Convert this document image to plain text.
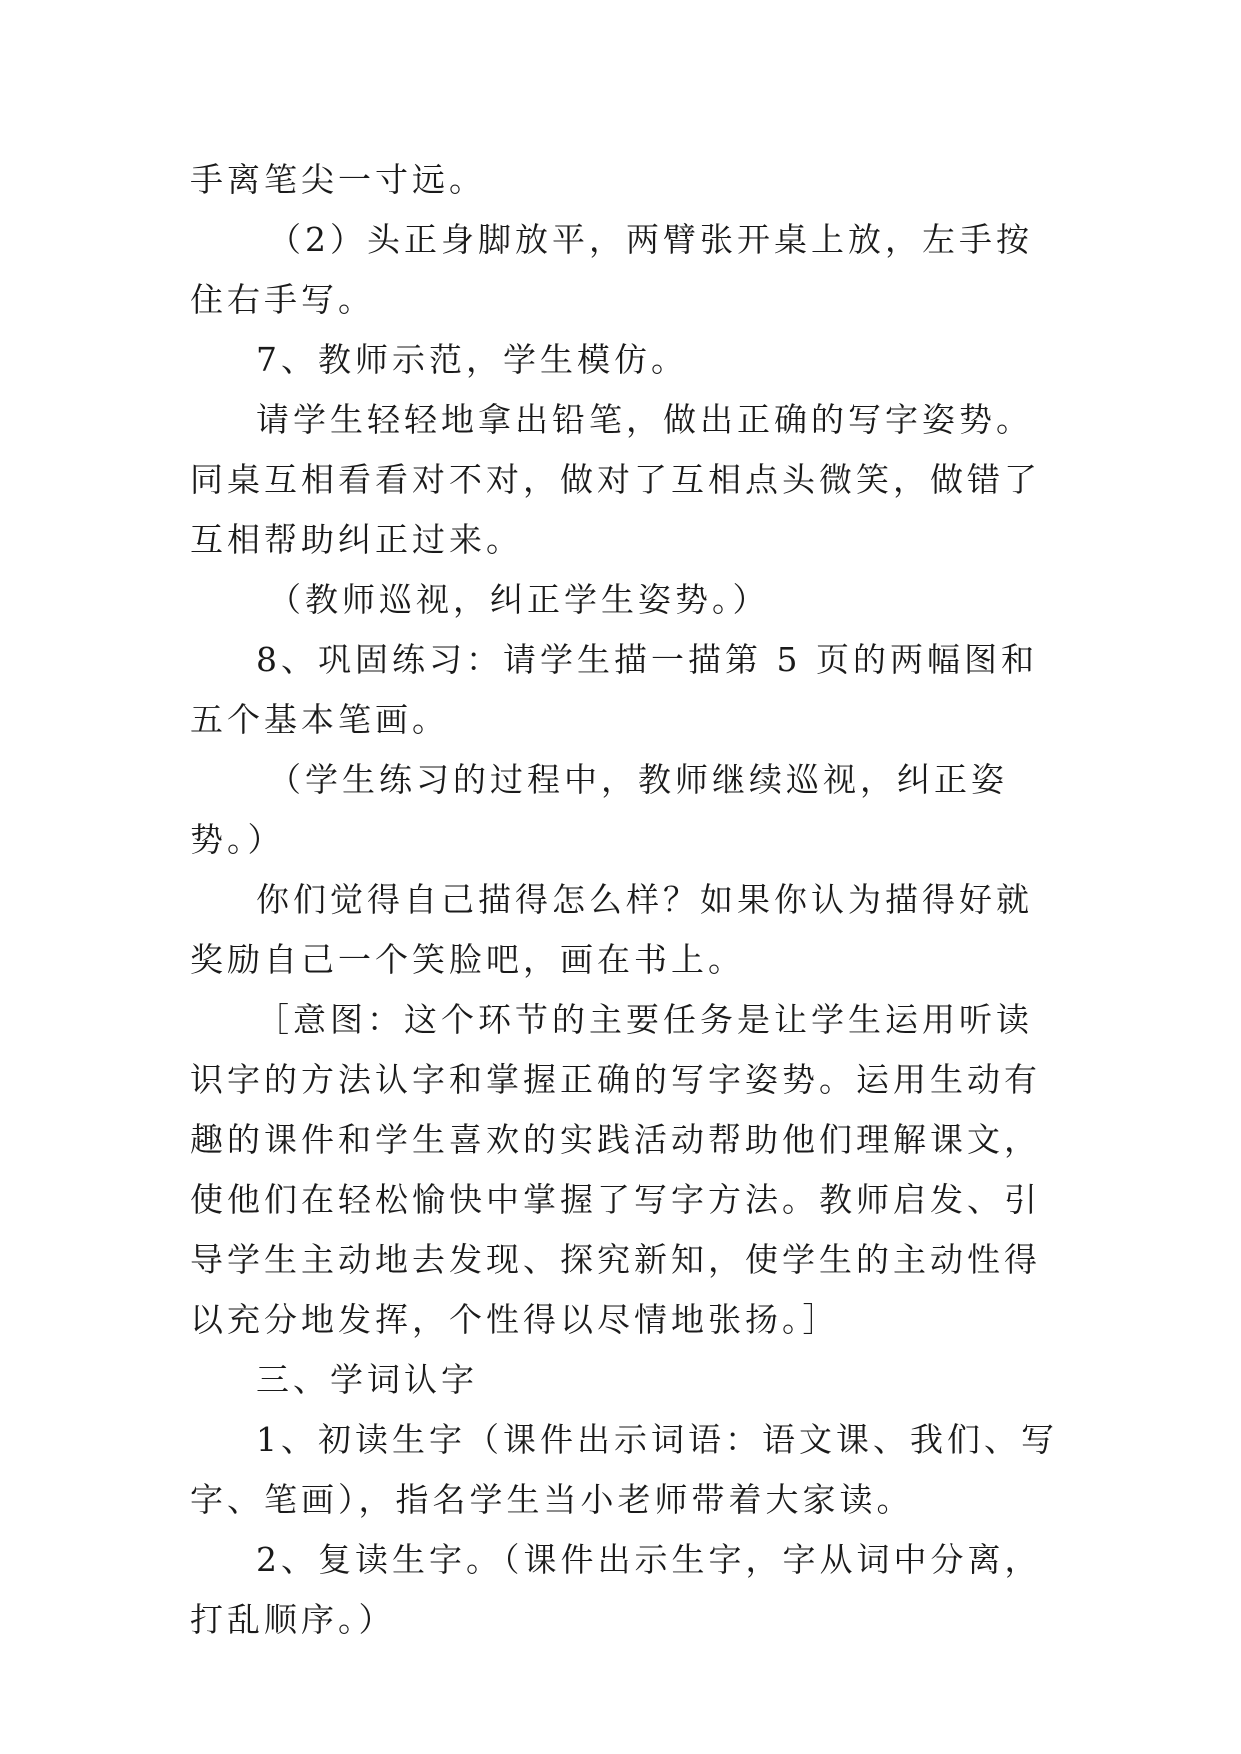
手离笔尖一寸远。

（2）头正身脚放平，两臂张开桌上放，左手按住右手写。

7、教师示范，学生模仿。

请学生轻轻地拿出铅笔，做出正确的写字姿势。同桌互相看看对不对，做对了互相点头微笑，做错了互相帮助纠正过来。

（教师巡视，纠正学生姿势。）

8、巩固练习：请学生描一描第 5 页的两幅图和五个基本笔画。

（学生练习的过程中，教师继续巡视，纠正姿势。）

你们觉得自己描得怎么样？如果你认为描得好就奖励自己一个笑脸吧，画在书上。

［意图：这个环节的主要任务是让学生运用听读识字的方法认字和掌握正确的写字姿势。运用生动有趣的课件和学生喜欢的实践活动帮助他们理解课文，使他们在轻松愉快中掌握了写字方法。教师启发、引导学生主动地去发现、探究新知，使学生的主动性得以充分地发挥，个性得以尽情地张扬。］

三、学词认字

1、初读生字（课件出示词语：语文课、我们、写字、笔画），指名学生当小老师带着大家读。

2、复读生字。（课件出示生字，字从词中分离，打乱顺序。）
